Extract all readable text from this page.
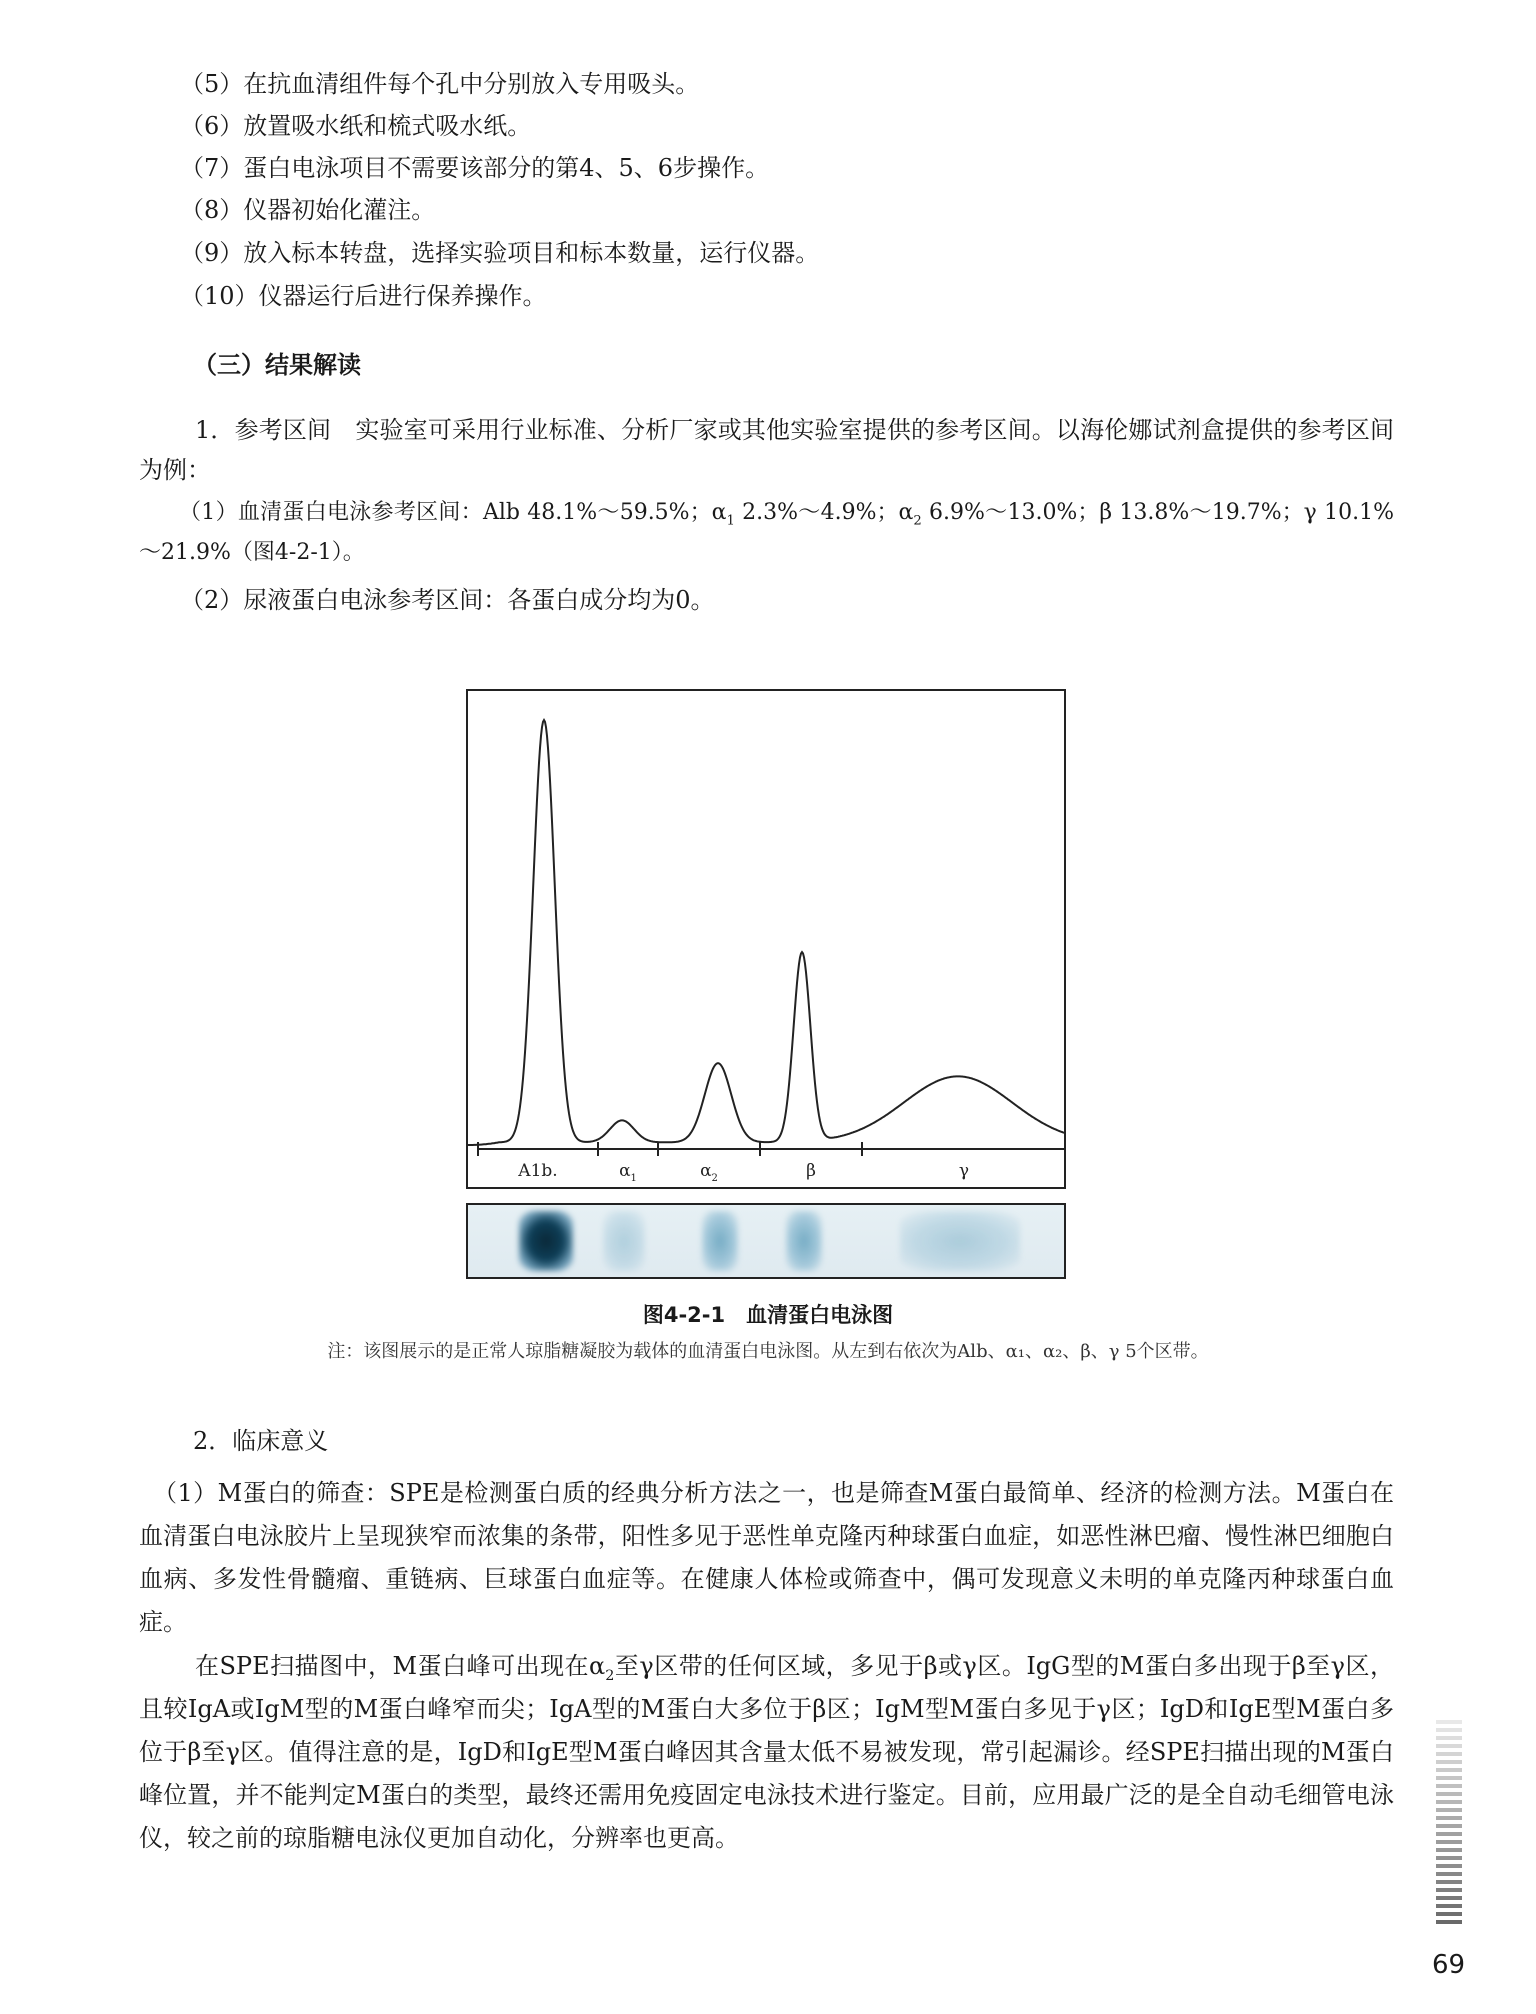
（5）在抗血清组件每个孔中分别放入专用吸头。
（6）放置吸水纸和梳式吸水纸。
（7）蛋白电泳项目不需要该部分的第4、5、6步操作。
（8）仪器初始化灌注。
（9）放入标本转盘，选择实验项目和标本数量，运行仪器。
（10）仪器运行后进行保养操作。
（三）结果解读
1．参考区间　实验室可采用行业标准、分析厂家或其他实验室提供的参考区间。以海伦娜试剂盒提供的参考区间为例：
（1）血清蛋白电泳参考区间：Alb 48.1%～59.5%；$\alpha_1$ 2.3%～4.9%；$\alpha_2$ 6.9%～13.0%；β 13.8%～19.7%；γ 10.1%～21.9%（图4-2-1）。
（2）尿液蛋白电泳参考区间：各蛋白成分均为0。
A1b.	$\alpha_1$	$\alpha_2$	β	γ
图4-2-1　血清蛋白电泳图
注：该图展示的是正常人琼脂糖凝胶为载体的血清蛋白电泳图。从左到右依次为Alb、α₁、α₂、β、γ 5个区带。
2．临床意义
（1）M蛋白的筛查：SPE是检测蛋白质的经典分析方法之一，也是筛查M蛋白最简单、经济的检测方法。M蛋白在血清蛋白电泳胶片上呈现狭窄而浓集的条带，阳性多见于恶性单克隆丙种球蛋白血症，如恶性淋巴瘤、慢性淋巴细胞白血病、多发性骨髓瘤、重链病、巨球蛋白血症等。在健康人体检或筛查中，偶可发现意义未明的单克隆丙种球蛋白血症。
在SPE扫描图中，M蛋白峰可出现在$\alpha_2$至γ区带的任何区域，多见于β或γ区。IgG型的M蛋白多出现于β至γ区，且较IgA或IgM型的M蛋白峰窄而尖；IgA型的M蛋白大多位于β区；IgM型M蛋白多见于γ区；IgD和IgE型M蛋白多位于β至γ区。值得注意的是，IgD和IgE型M蛋白峰因其含量太低不易被发现，常引起漏诊。经SPE扫描出现的M蛋白峰位置，并不能判定M蛋白的类型，最终还需用免疫固定电泳技术进行鉴定。目前，应用最广泛的是全自动毛细管电泳仪，较之前的琼脂糖电泳仪更加自动化，分辨率也更高。
69
